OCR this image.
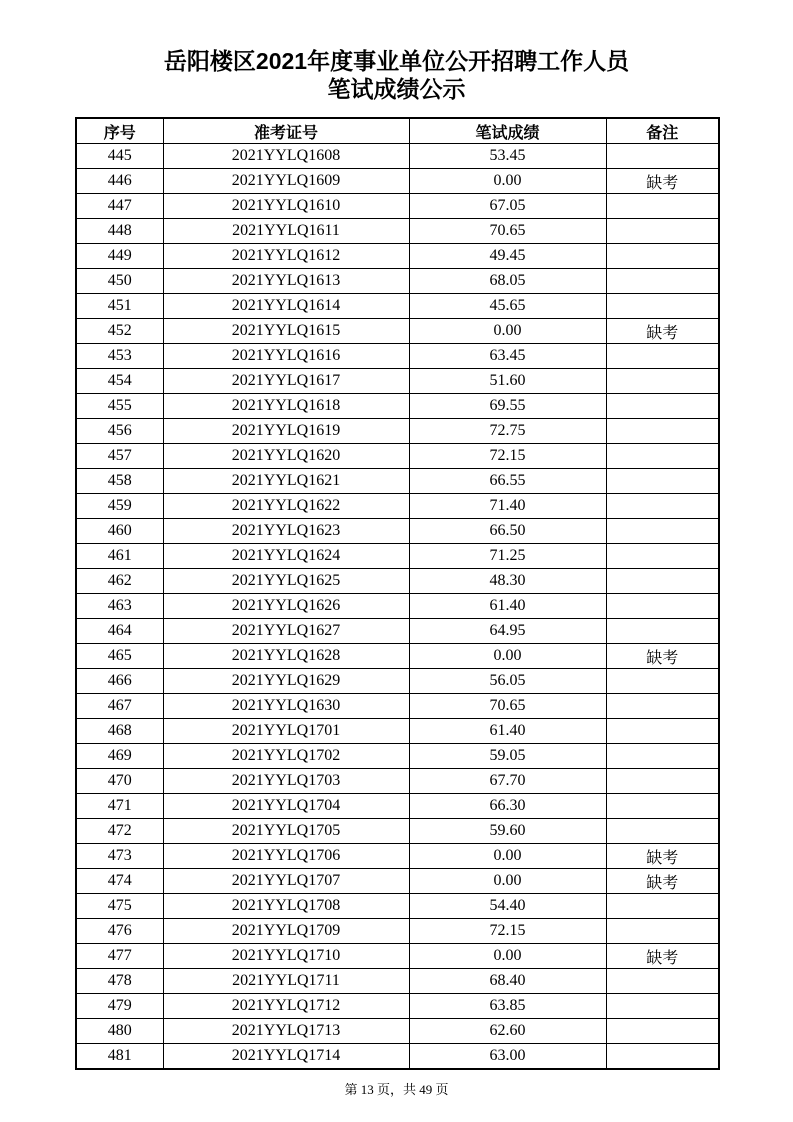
岳阳楼区2021年度事业单位公开招聘工作人员
笔试成绩公示
序号	准考证号	笔试成绩	备注
445	2021YYLQ1608	53.45	
446	2021YYLQ1609	0.00	缺考
447	2021YYLQ1610	67.05	
448	2021YYLQ1611	70.65	
449	2021YYLQ1612	49.45	
450	2021YYLQ1613	68.05	
451	2021YYLQ1614	45.65	
452	2021YYLQ1615	0.00	缺考
453	2021YYLQ1616	63.45	
454	2021YYLQ1617	51.60	
455	2021YYLQ1618	69.55	
456	2021YYLQ1619	72.75	
457	2021YYLQ1620	72.15	
458	2021YYLQ1621	66.55	
459	2021YYLQ1622	71.40	
460	2021YYLQ1623	66.50	
461	2021YYLQ1624	71.25	
462	2021YYLQ1625	48.30	
463	2021YYLQ1626	61.40	
464	2021YYLQ1627	64.95	
465	2021YYLQ1628	0.00	缺考
466	2021YYLQ1629	56.05	
467	2021YYLQ1630	70.65	
468	2021YYLQ1701	61.40	
469	2021YYLQ1702	59.05	
470	2021YYLQ1703	67.70	
471	2021YYLQ1704	66.30	
472	2021YYLQ1705	59.60	
473	2021YYLQ1706	0.00	缺考
474	2021YYLQ1707	0.00	缺考
475	2021YYLQ1708	54.40	
476	2021YYLQ1709	72.15	
477	2021YYLQ1710	0.00	缺考
478	2021YYLQ1711	68.40	
479	2021YYLQ1712	63.85	
480	2021YYLQ1713	62.60	
481	2021YYLQ1714	63.00	
第 13 页，共 49 页
